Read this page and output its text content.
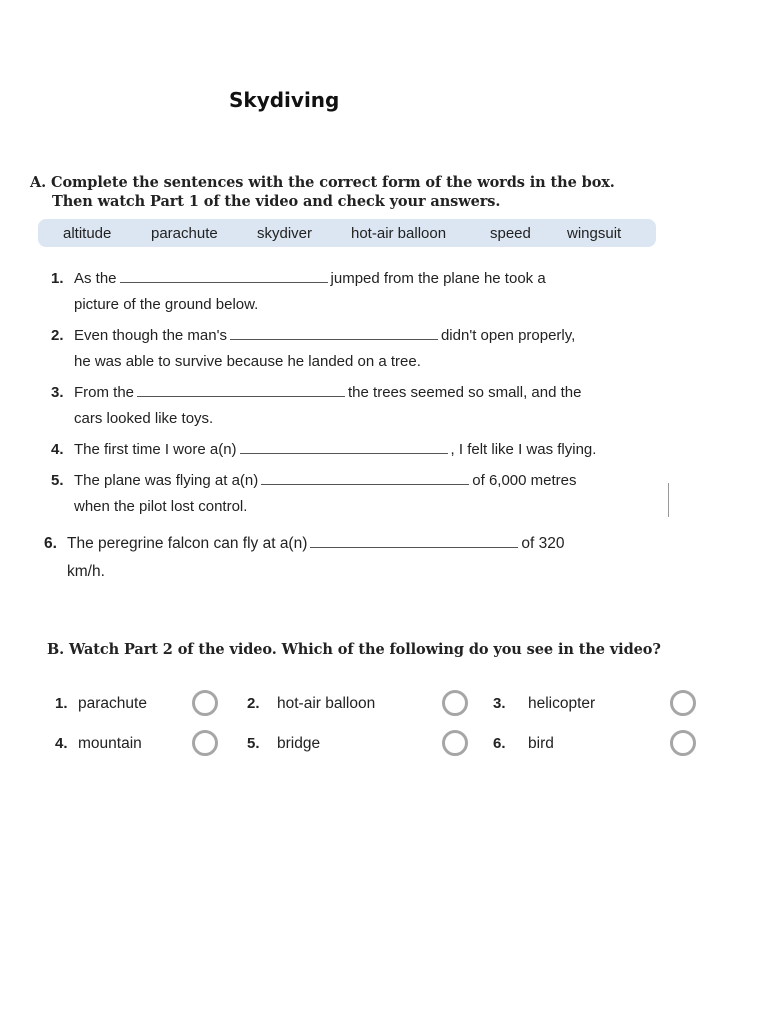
Skydiving
A. Complete the sentences with the correct form of the words in the box.
Then watch Part 1 of the video and check your answers.
altitude	parachute	skydiver	hot-air balloon	speed wingsuit
1. As the	jumped from the plane he took a
picture of the ground below.
2. Even though the man's	didn't open properly,
he was able to survive because he landed on a tree.
3. From the	the trees seemed so small, and the
cars looked like toys.
4. The first time I wore a(n)	, I felt like I was flying.
5. The plane was flying at a(n)	of 6,000 metres
when the pilot lost control.
6. The peregrine falcon can fly at a(n)	of 320
km/h.
B. Watch Part 2 of the video. Which of the following do you see in the video?
1. parachute	2. hot-air balloon	3. helicopter
4. mountain	5. bridge	6. bird
